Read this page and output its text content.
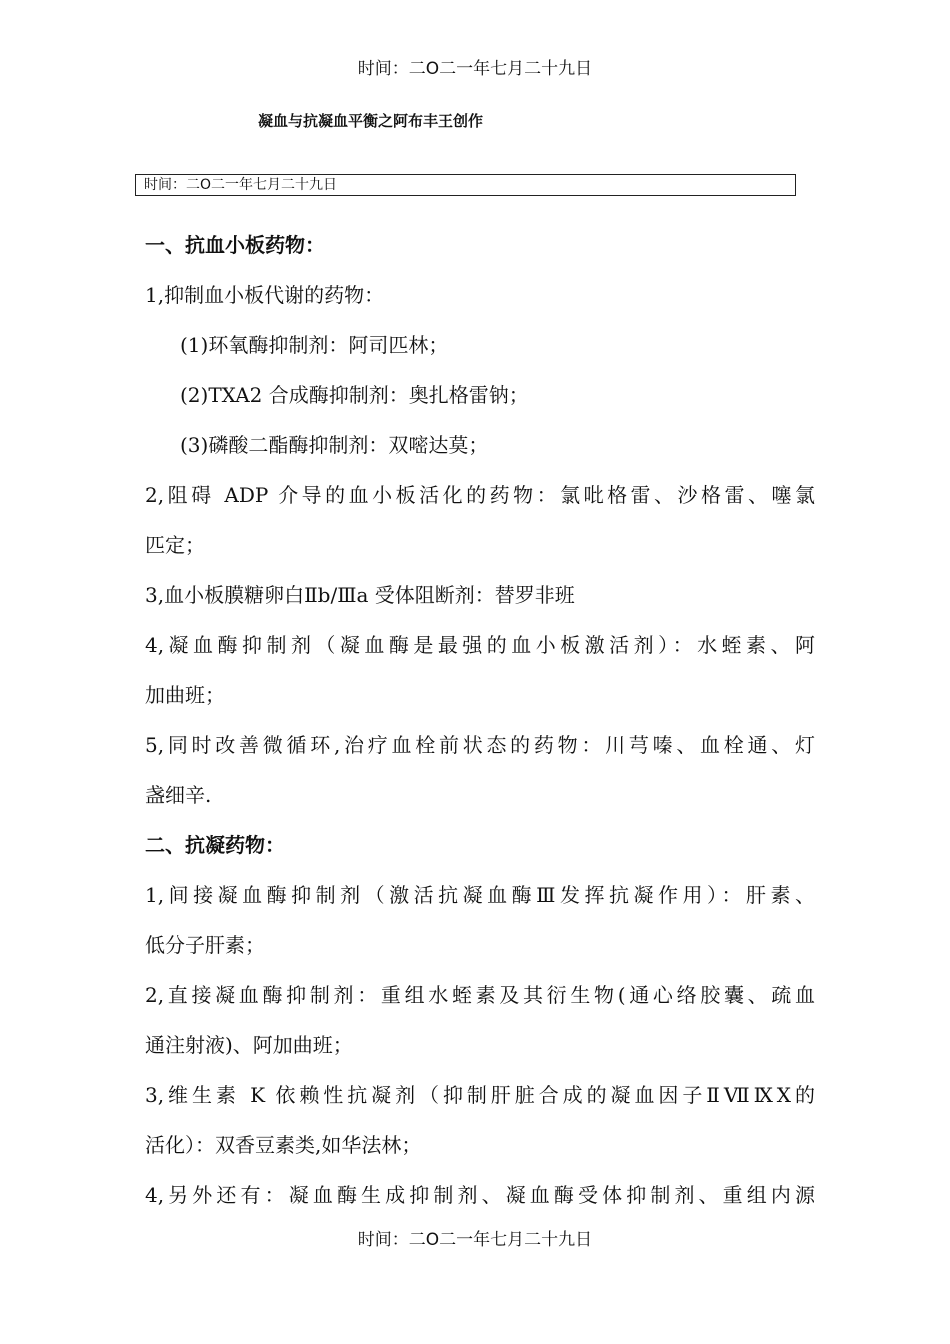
时间：二O二一年七月二十九日
凝血与抗凝血平衡之阿布丰王创作
时间：二O二一年七月二十九日
一、抗血小板药物：
1,抑制血小板代谢的药物：
(1)环氧酶抑制剂：阿司匹林；
(2)TXA2 合成酶抑制剂：奥扎格雷钠；
(3)磷酸二酯酶抑制剂：双嘧达莫；
2,阻碍 ADP 介导的血小板活化的药物：氯吡格雷、沙格雷、噻氯
匹定；
3,血小板膜糖卵白Ⅱb/Ⅲa 受体阻断剂：替罗非班
4,凝血酶抑制剂（凝血酶是最强的血小板激活剂）：水蛭素、阿
加曲班；
5,同时改善微循环,治疗血栓前状态的药物：川芎嗪、血栓通、灯
盏细辛.
二、抗凝药物：
1,间接凝血酶抑制剂（激活抗凝血酶Ⅲ发挥抗凝作用）：肝素、
低分子肝素；
2,直接凝血酶抑制剂：重组水蛭素及其衍生物(通心络胶囊、疏血
通注射液)、阿加曲班；
3,维生素 K 依赖性抗凝剂（抑制肝脏合成的凝血因子ⅡⅦⅨⅩ的
活化）：双香豆素类,如华法林；
4,另外还有：凝血酶生成抑制剂、凝血酶受体抑制剂、重组内源
时间：二O二一年七月二十九日
